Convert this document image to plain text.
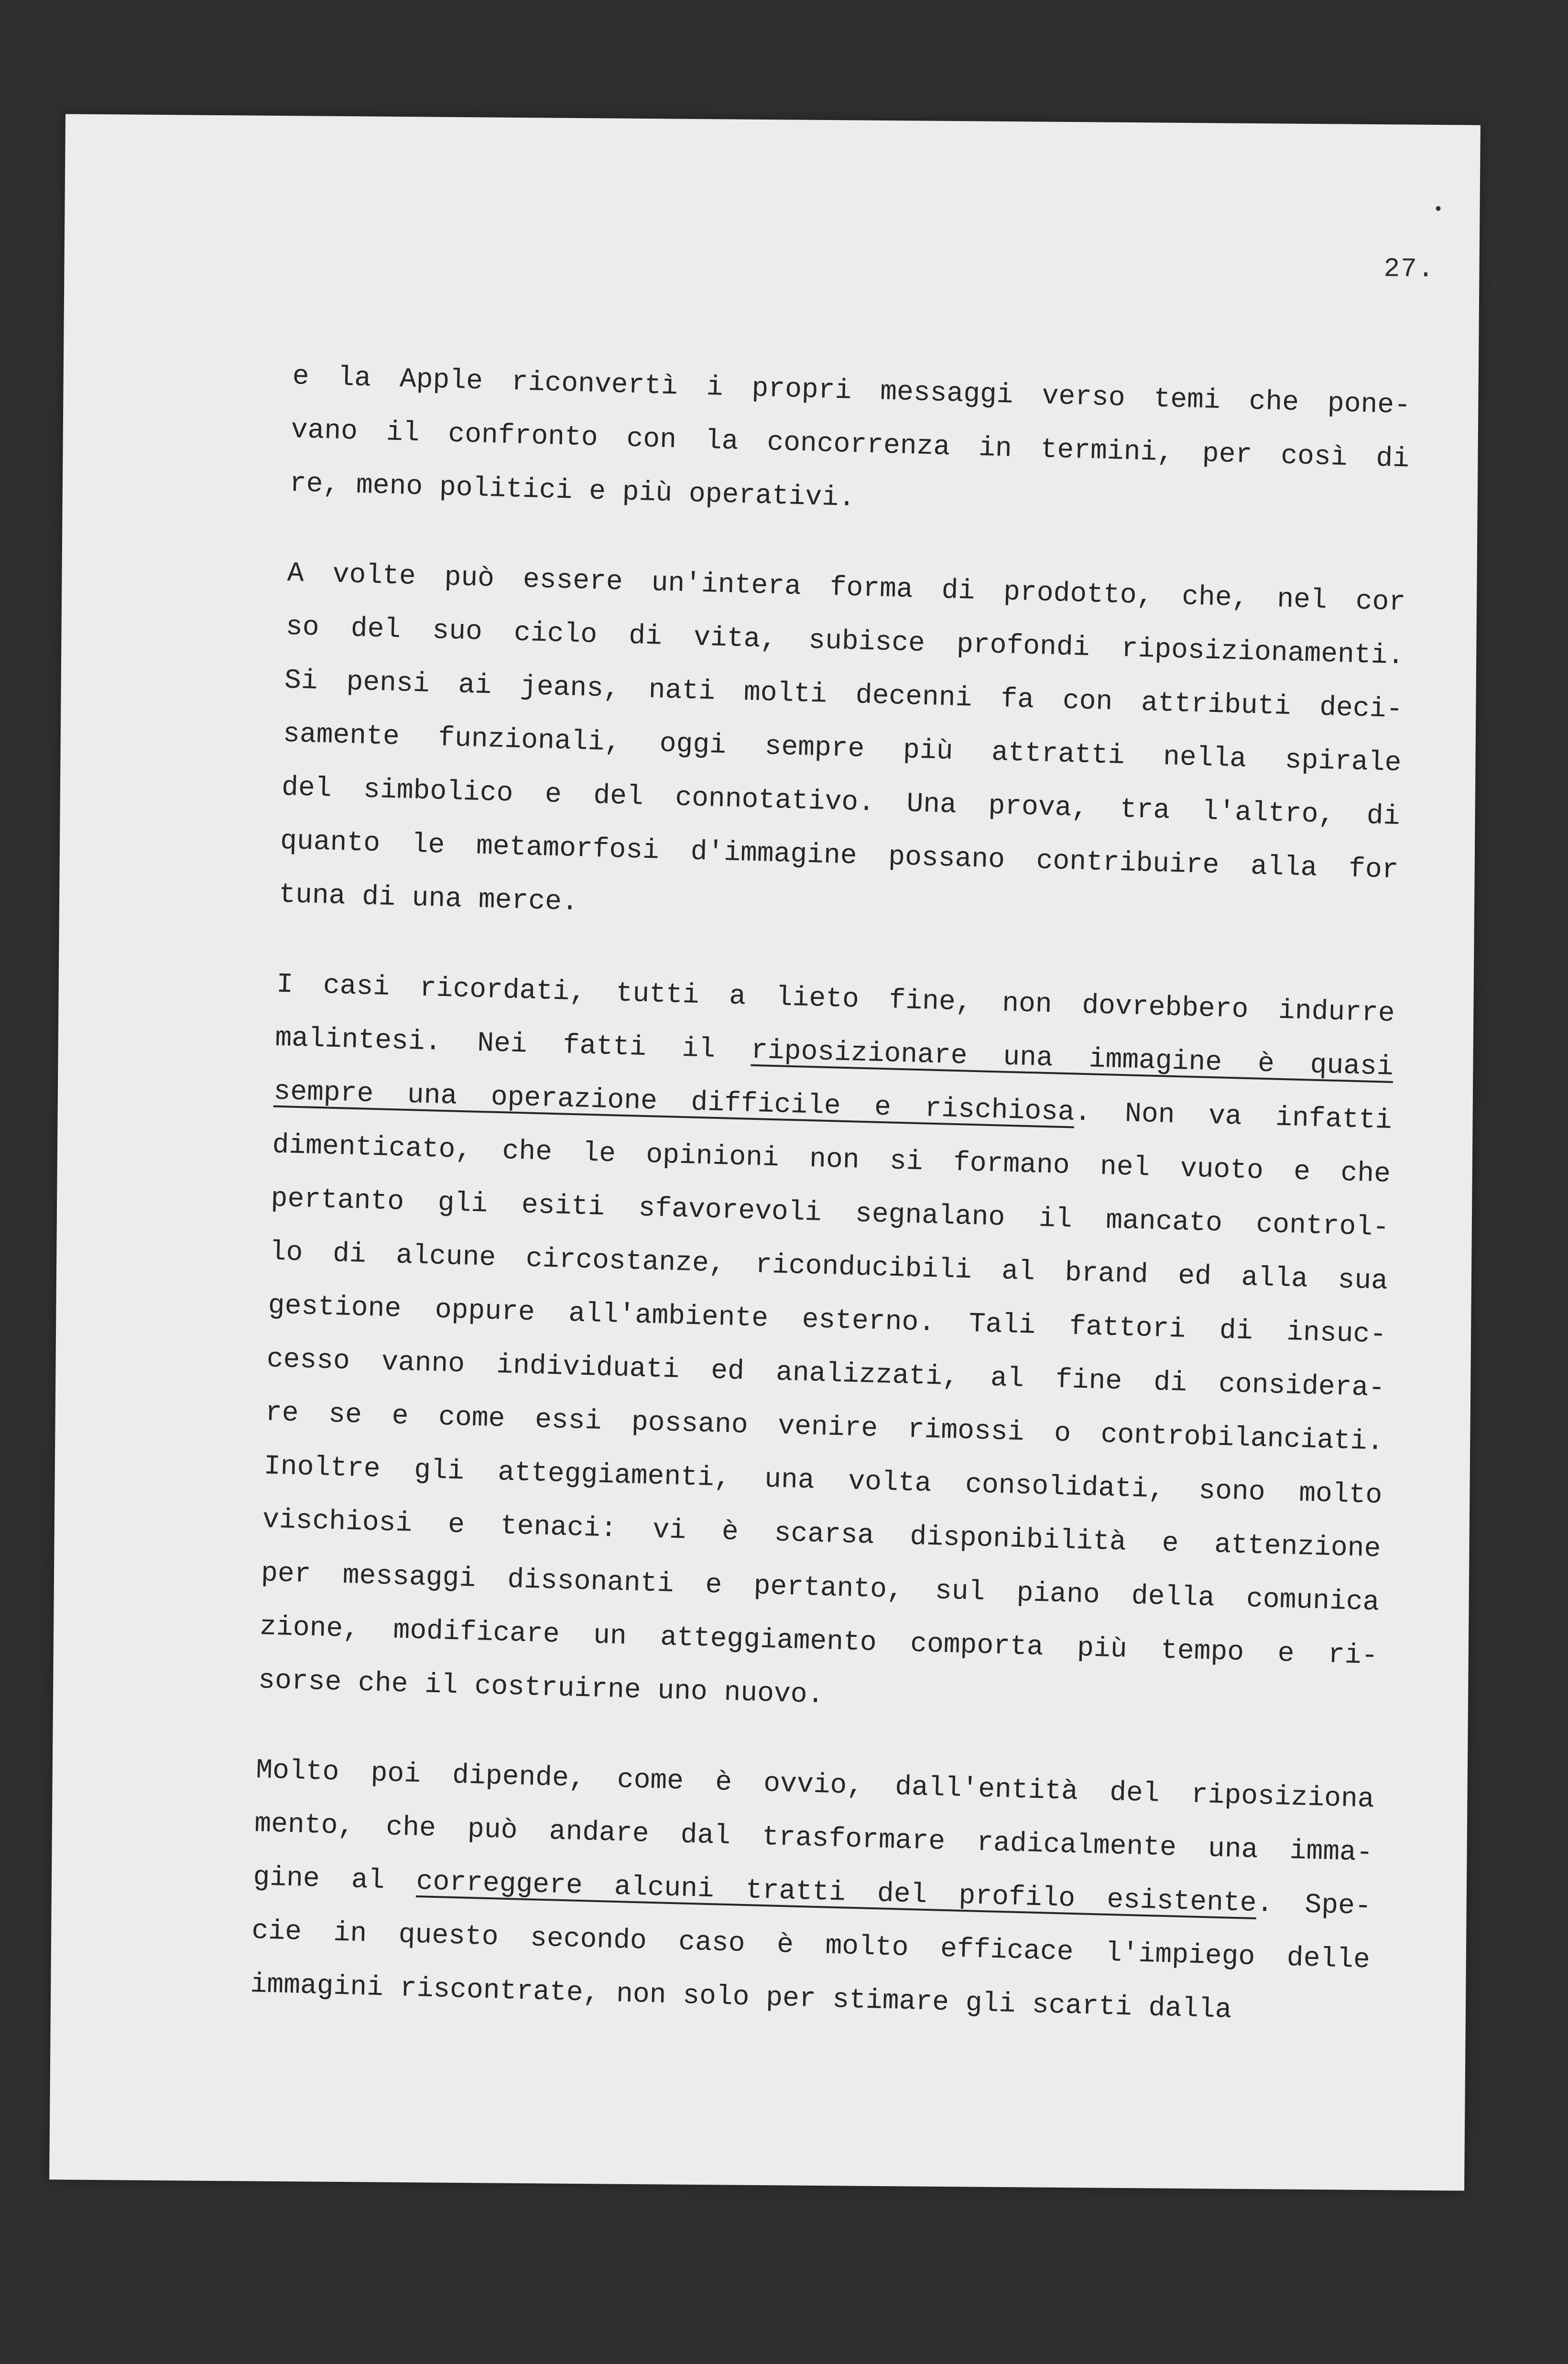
27.
e la Apple riconvertì i propri messaggi verso temi che pone-
vano il confronto con la concorrenza in termini, per così di
re, meno politici e più operativi.
A volte può essere un'intera forma di prodotto, che, nel cor
so del suo ciclo di vita, subisce profondi riposizionamenti.
Si pensi ai jeans, nati molti decenni fa con attributi deci-
samente funzionali, oggi sempre più attratti nella spirale
del simbolico e del connotativo. Una prova, tra l'altro, di
quanto le metamorfosi d'immagine possano contribuire alla for
tuna di una merce.
I casi ricordati, tutti a lieto fine, non dovrebbero indurre
malintesi. Nei fatti il riposizionare una immagine è quasi
sempre una operazione difficile e rischiosa. Non va infatti
dimenticato, che le opinioni non si formano nel vuoto e che
pertanto gli esiti sfavorevoli segnalano il mancato control-
lo di alcune circostanze, riconducibili al brand ed alla sua
gestione oppure all'ambiente esterno. Tali fattori di insuc-
cesso vanno individuati ed analizzati, al fine di considera-
re se e come essi possano venire rimossi o controbilanciati.
Inoltre gli atteggiamenti, una volta consolidati, sono molto
vischiosi e tenaci: vi è scarsa disponibilità e attenzione
per messaggi dissonanti e pertanto, sul piano della comunica
zione, modificare un atteggiamento comporta più tempo e ri-
sorse che il costruirne uno nuovo.
Molto poi dipende, come è ovvio, dall'entità del riposiziona
mento, che può andare dal trasformare radicalmente una imma-
gine al correggere alcuni tratti del profilo esistente. Spe-
cie in questo secondo caso è molto efficace l'impiego delle
immagini riscontrate, non solo per stimare gli scarti dalla
